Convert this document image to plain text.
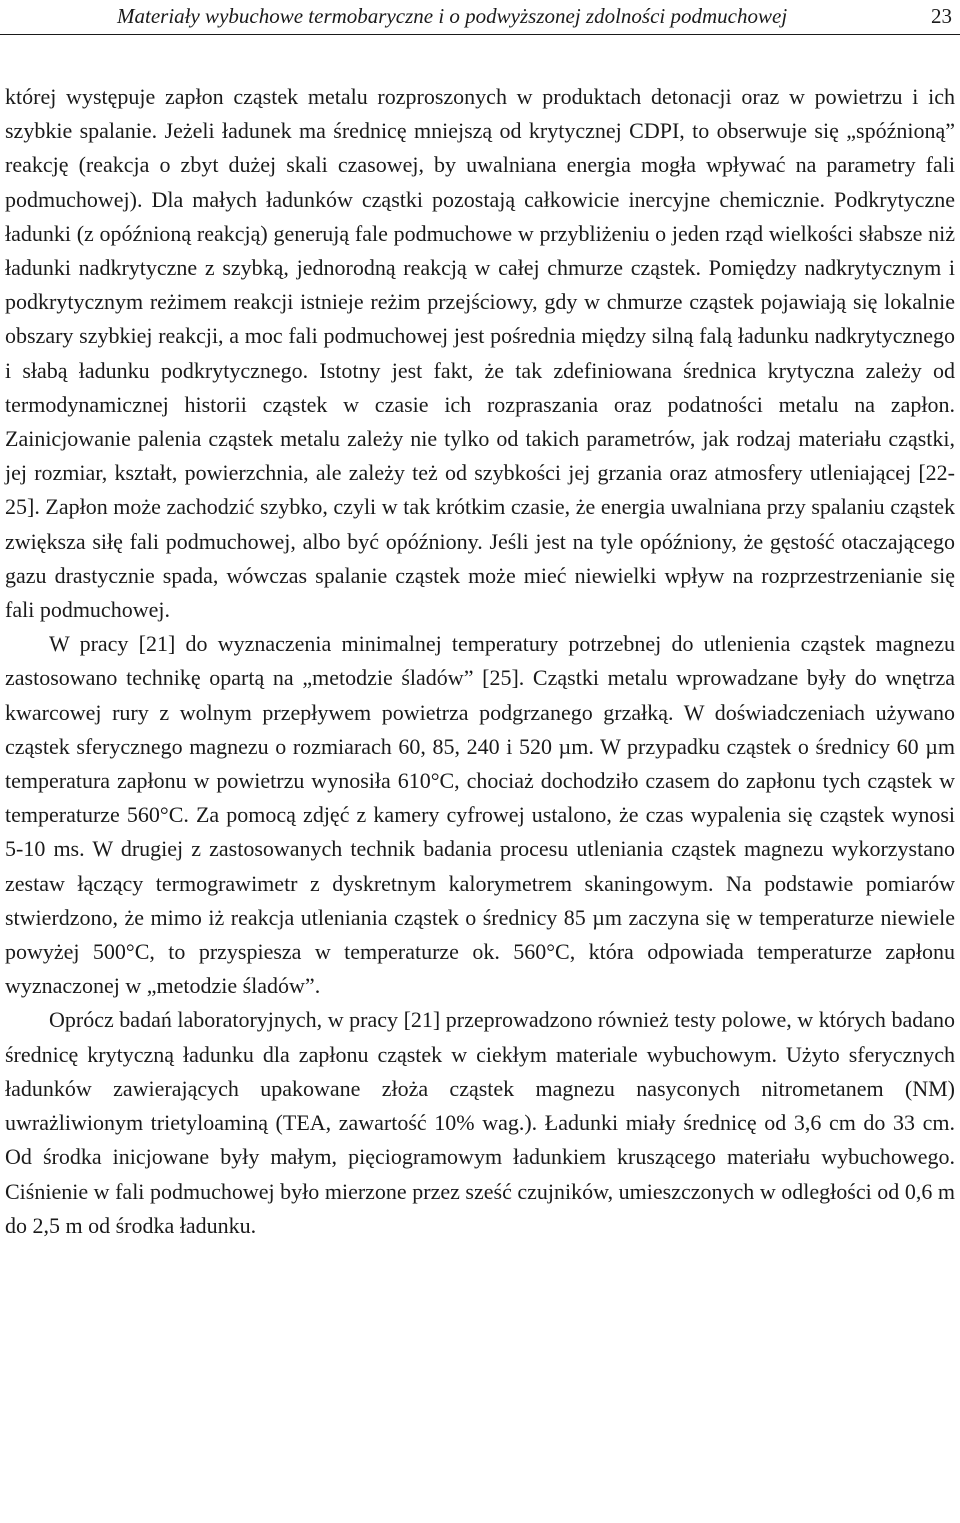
Materiały wybuchowe termobaryczne i o podwyższonej zdolności podmuchowej	23

której występuje zapłon cząstek metalu rozproszonych w produktach detonacji oraz w powietrzu i ich szybkie spalanie. Jeżeli ładunek ma średnicę mniejszą od krytycznej CDPI, to obserwuje się „spóźnioną” reakcję (reakcja o zbyt dużej skali czasowej, by uwalniana energia mogła wpływać na parametry fali podmuchowej). Dla małych ładunków cząstki pozostają całkowicie inercyjne chemicznie. Podkrytyczne ładunki (z opóźnioną reakcją) generują fale podmuchowe w przybliżeniu o jeden rząd wielkości słabsze niż ładunki nadkrytyczne z szybką, jednorodną reakcją w całej chmurze cząstek. Pomiędzy nadkrytycznym i podkrytycznym reżimem reakcji istnieje reżim przejściowy, gdy w chmurze cząstek pojawiają się lokalnie obszary szybkiej reakcji, a moc fali podmuchowej jest pośrednia między silną falą ładunku nadkrytycznego i słabą ładunku podkrytycznego. Istotny jest fakt, że tak zdefiniowana średnica krytyczna zależy od termodynamicznej historii cząstek w czasie ich rozpraszania oraz podatności metalu na zapłon. Zainicjowanie palenia cząstek metalu zależy nie tylko od takich parametrów, jak rodzaj materiału cząstki, jej rozmiar, kształt, powierzchnia, ale zależy też od szybkości jej grzania oraz atmosfery utleniającej [22-25]. Zapłon może zachodzić szybko, czyli w tak krótkim czasie, że energia uwalniana przy spalaniu cząstek zwiększa siłę fali podmuchowej, albo być opóźniony. Jeśli jest na tyle opóźniony, że gęstość otaczającego gazu drastycznie spada, wówczas spalanie cząstek może mieć niewielki wpływ na rozprzestrzenianie się fali podmuchowej.

W pracy [21] do wyznaczenia minimalnej temperatury potrzebnej do utlenienia cząstek magnezu zastosowano technikę opartą na „metodzie śladów” [25]. Cząstki metalu wprowadzane były do wnętrza kwarcowej rury z wolnym przepływem powietrza podgrzanego grzałką. W doświadczeniach używano cząstek sferycznego magnezu o rozmiarach 60, 85, 240 i 520 µm. W przypadku cząstek o średnicy 60 µm temperatura zapłonu w powietrzu wynosiła 610°C, chociaż dochodziło czasem do zapłonu tych cząstek w temperaturze 560°C. Za pomocą zdjęć z kamery cyfrowej ustalono, że czas wypalenia się cząstek wynosi 5-10 ms. W drugiej z zastosowanych technik badania procesu utleniania cząstek magnezu wykorzystano zestaw łączący termograwimetr z dyskretnym kalorymetrem skaningowym. Na podstawie pomiarów stwierdzono, że mimo iż reakcja utleniania cząstek o średnicy 85 µm zaczyna się w temperaturze niewiele powyżej 500°C, to przyspiesza w temperaturze ok. 560°C, która odpowiada temperaturze zapłonu wyznaczonej w „metodzie śladów”.

Oprócz badań laboratoryjnych, w pracy [21] przeprowadzono również testy polowe, w których badano średnicę krytyczną ładunku dla zapłonu cząstek w ciekłym materiale wybuchowym. Użyto sferycznych ładunków zawierających upakowane złoża cząstek magnezu nasyconych nitrometanem (NM) uwrażliwionym trietyloaminą (TEA, zawartość 10% wag.). Ładunki miały średnicę od 3,6 cm do 33 cm. Od środka inicjowane były małym, pięciogramowym ładunkiem kruszącego materiału wybuchowego. Ciśnienie w fali podmuchowej było mierzone przez sześć czujników, umieszczonych w odległości od 0,6 m do 2,5 m od środka ładunku.
